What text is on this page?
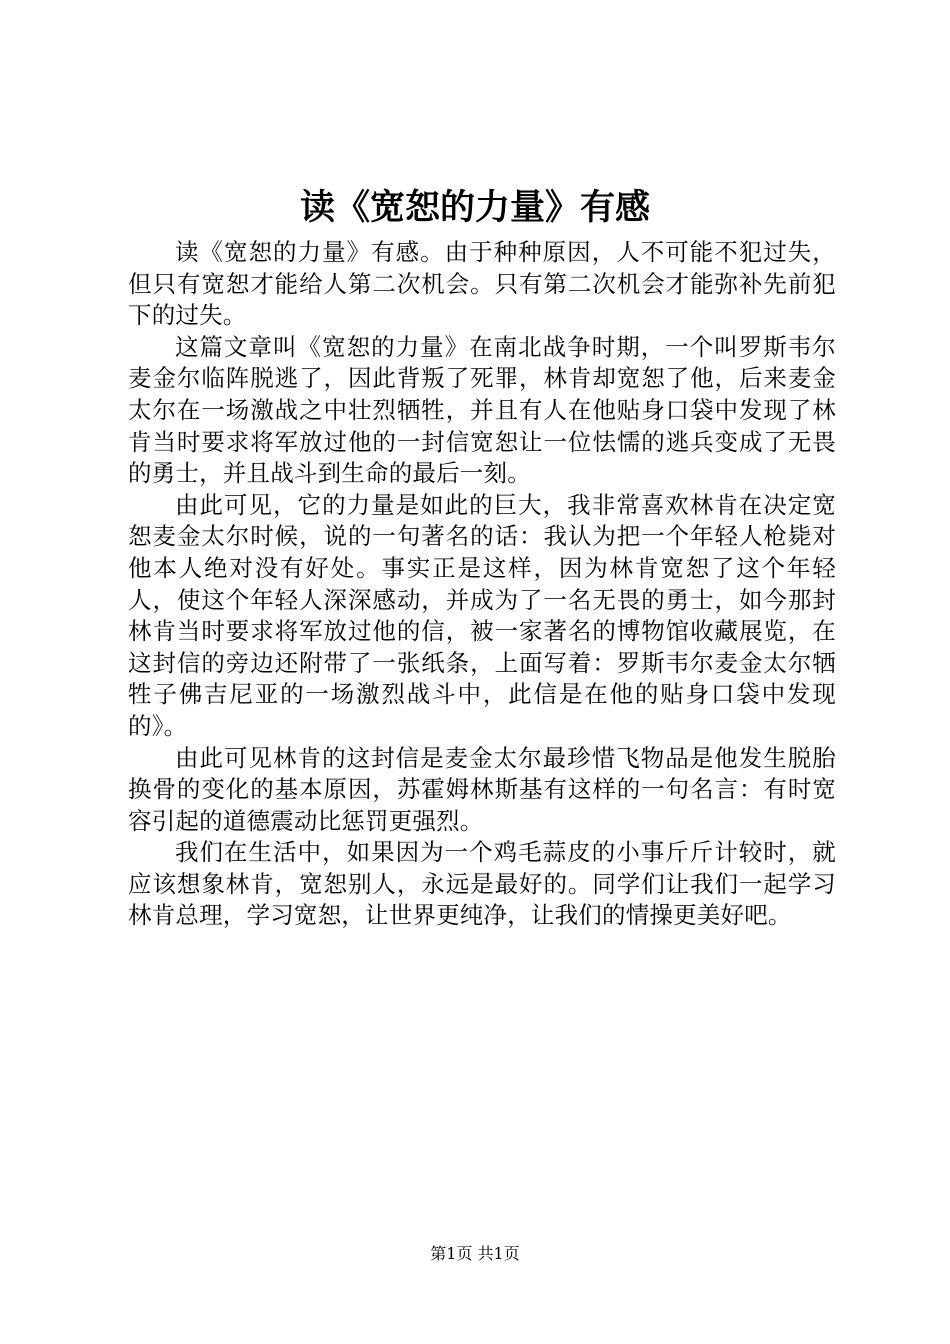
读《宽恕的力量》有感

读《宽恕的力量》有感。由于种种原因，人不可能不犯过失，但只有宽恕才能给人第二次机会。只有第二次机会才能弥补先前犯下的过失。

这篇文章叫《宽恕的力量》在南北战争时期，一个叫罗斯韦尔麦金尔临阵脱逃了，因此背叛了死罪，林肯却宽恕了他，后来麦金太尔在一场激战之中壮烈牺牲，并且有人在他贴身口袋中发现了林肯当时要求将军放过他的一封信宽恕让一位怯懦的逃兵变成了无畏的勇士，并且战斗到生命的最后一刻。

由此可见，它的力量是如此的巨大，我非常喜欢林肯在决定宽恕麦金太尔时候，说的一句著名的话：我认为把一个年轻人枪毙对他本人绝对没有好处。事实正是这样，因为林肯宽恕了这个年轻人，使这个年轻人深深感动，并成为了一名无畏的勇士，如今那封林肯当时要求将军放过他的信，被一家著名的博物馆收藏展览，在这封信的旁边还附带了一张纸条，上面写着：罗斯韦尔麦金太尔牺牲子佛吉尼亚的一场激烈战斗中，此信是在他的贴身口袋中发现的》。

由此可见林肯的这封信是麦金太尔最珍惜飞物品是他发生脱胎换骨的变化的基本原因，苏霍姆林斯基有这样的一句名言：有时宽容引起的道德震动比惩罚更强烈。

我们在生活中，如果因为一个鸡毛蒜皮的小事斤斤计较时，就应该想象林肯，宽恕别人，永远是最好的。同学们让我们一起学习林肯总理，学习宽恕，让世界更纯净，让我们的情操更美好吧。

第1页 共1页
